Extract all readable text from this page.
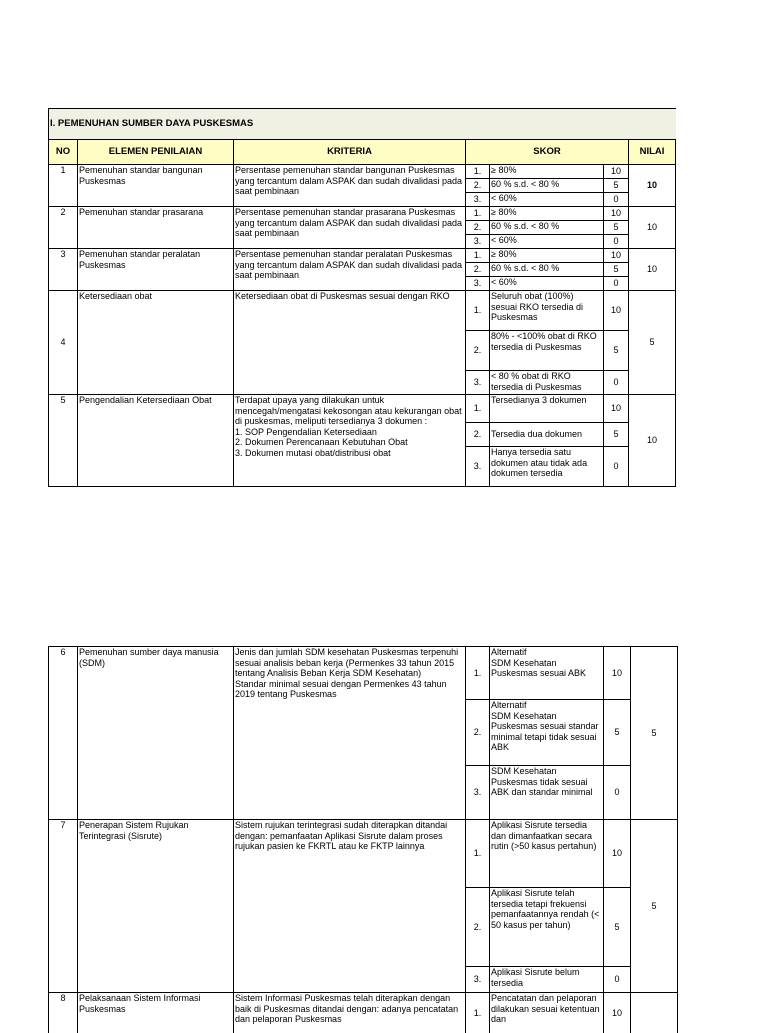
I. PEMENUHAN SUMBER DAYA PUSKESMAS						
NO	ELEMEN PENILAIAN	KRITERIA	SKOR			NILAI
1	Pemenuhan standar bangunan Puskesmas	Persentase pemenuhan standar bangunan Puskesmas yang tercantum dalam ASPAK dan sudah divalidasi pada saat pembinaan	1.	≥ 80%	10	10
			2.	60 % s.d. < 80 %	5	
			3.	< 60%	0	
2	Pemenuhan standar prasarana	Persentase pemenuhan standar prasarana Puskesmas yang tercantum dalam ASPAK dan sudah divalidasi pada saat pembinaan	1.	≥ 80%	10	10
			2.	60 % s.d. < 80 %	5	
			3.	< 60%	0	
3	Pemenuhan standar peralatan Puskesmas	Persentase pemenuhan standar peralatan Puskesmas yang tercantum dalam ASPAK dan sudah divalidasi pada saat pembinaan	1.	≥ 80%	10	10
			2.	60 % s.d. < 80 %	5	
			3.	< 60%	0	
4	Ketersediaan obat	Ketersediaan obat di Puskesmas sesuai dengan RKO	1.	Seluruh obat (100%) sesuai RKO tersedia di Puskesmas	10	5
			2.	80% - <100% obat di RKO tersedia di Puskesmas	5	
			3.	< 80 % obat di RKO tersedia di Puskesmas	0	
5	Pengendalian Ketersediaan Obat	Terdapat upaya yang dilakukan untuk mencegah/mengatasi kekosongan atau kekurangan obat di puskesmas, meliputi tersedianya 3 dokumen :
1. SOP Pengendalian Ketersediaan
2. Dokumen Perencanaan Kebutuhan Obat
3. Dokumen mutasi obat/distribusi obat	1.	Tersedianya 3 dokumen	10	10
			2.	Tersedia dua dokumen	5	
			3.	Hanya tersedia satu dokumen atau tidak ada dokumen tersedia	0	
6	Pemenuhan sumber daya manusia (SDM)	Jenis dan jumlah SDM kesehatan Puskesmas terpenuhi sesuai analisis beban kerja (Permenkes 33 tahun 2015 tentang Analisis Beban Kerja SDM Kesehatan)
Standar minimal sesuai dengan Permenkes 43 tahun 2019 tentang Puskesmas	1.	Alternatif
SDM Kesehatan Puskesmas sesuai ABK	10	5
			2.	Alternatif
SDM Kesehatan Puskesmas sesuai standar minimal tetapi tidak sesuai ABK	5	
			3.	SDM Kesehatan Puskesmas tidak sesuai ABK dan standar minimal	0	
7	Penerapan Sistem Rujukan Terintegrasi (Sisrute)	Sistem rujukan terintegrasi sudah diterapkan ditandai dengan: pemanfaatan Aplikasi Sisrute dalam proses rujukan pasien ke FKRTL atau ke FKTP lainnya	1.	Aplikasi Sisrute tersedia dan dimanfaatkan secara rutin (>50 kasus pertahun)	10	5
			2.	Aplikasi Sisrute telah tersedia tetapi frekuensi pemanfaatannya rendah (< 50 kasus per tahun)	5	
			3.	Aplikasi Sisrute belum tersedia	0	
8	Pelaksanaan Sistem Informasi Puskesmas	Sistem Informasi Puskesmas telah diterapkan dengan baik di Puskesmas ditandai dengan: adanya pencatatan dan pelaporan Puskesmas	1.	Pencatatan dan pelaporan dilakukan sesuai ketentuan dan	10	
